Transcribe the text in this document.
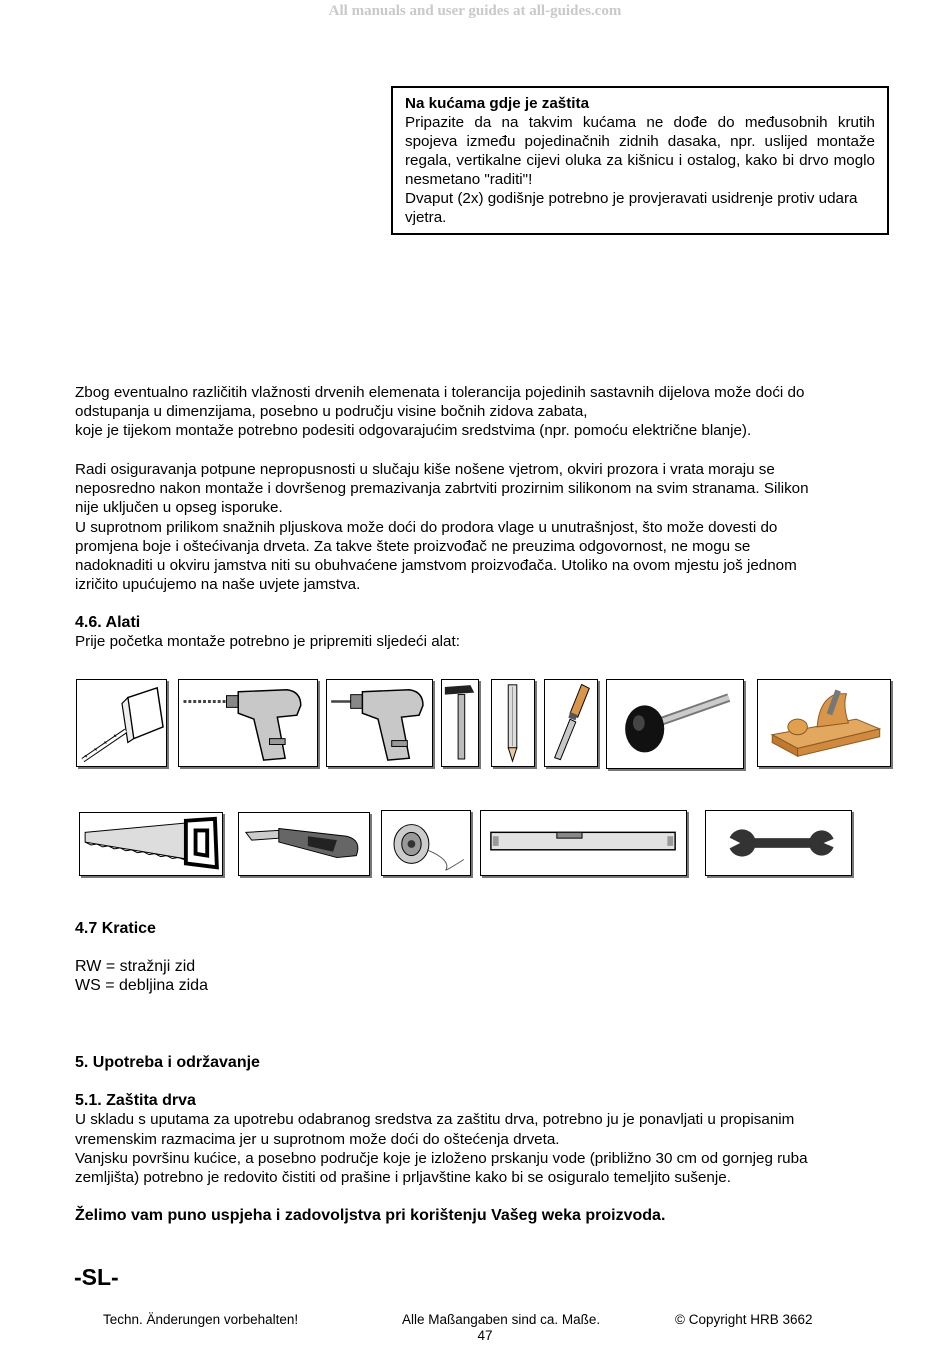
All manuals and user guides at all-guides.com

Na kućama gdje je zaštita

Pripazite da na takvim kućama ne dođe do međusobnih krutih spojeva između pojedinačnih zidnih dasaka, npr. uslijed montaže regala, vertikalne cijevi oluka za kišnicu i ostalog, kako bi drvo moglo nesmetano "raditi"!

Dvaput (2x) godišnje potrebno je provjeravati usidrenje protiv udara vjetra.

Zbog eventualno različitih vlažnosti drvenih elemenata i tolerancija pojedinih sastavnih dijelova može doći do

odstupanja u dimenzijama, posebno u području visine bočnih zidova zabata,

koje je tijekom montaže potrebno podesiti odgovarajućim sredstvima (npr. pomoću električne blanje).

Radi osiguravanja potpune nepropusnosti u slučaju kiše nošene vjetrom, okviri prozora i vrata moraju se

neposredno nakon montaže i dovršenog premazivanja zabrtviti prozirnim silikonom na svim stranama. Silikon

nije uključen u opseg isporuke.

U suprotnom prilikom snažnih pljuskova može doći do prodora vlage u unutrašnjost, što može dovesti do

promjena boje i oštećivanja drveta. Za takve štete proizvođač ne preuzima odgovornost, ne mogu se

nadoknaditi u okviru jamstva niti su obuhvaćene jamstvom proizvođača. Utoliko na ovom mjestu još jednom

izričito upućujemo na naše uvjete jamstva.

4.6. Alati

Prije početka montaže potrebno je pripremiti sljedeći alat:

4.7 Kratice

RW = stražnji zid

WS = debljina zida

5. Upotreba i održavanje

5.1. Zaštita drva

U skladu s uputama za upotrebu odabranog sredstva za zaštitu drva, potrebno ju je ponavljati u propisanim

vremenskim razmacima jer u suprotnom može doći do oštećenja drveta.

Vanjsku površinu kućice, a posebno područje koje je izloženo prskanju vode (približno 30 cm od gornjeg ruba

zemljišta) potrebno je redovito čistiti od prašine i prljavštine kako bi se osiguralo temeljito sušenje.

Želimo vam puno uspjeha i zadovoljstva pri korištenju Vašeg weka proizvoda.

-SL-
Techn. Änderungen vorbehalten!	Alle Maßangaben sind ca. Maße.	© Copyright HRB 3662
47
